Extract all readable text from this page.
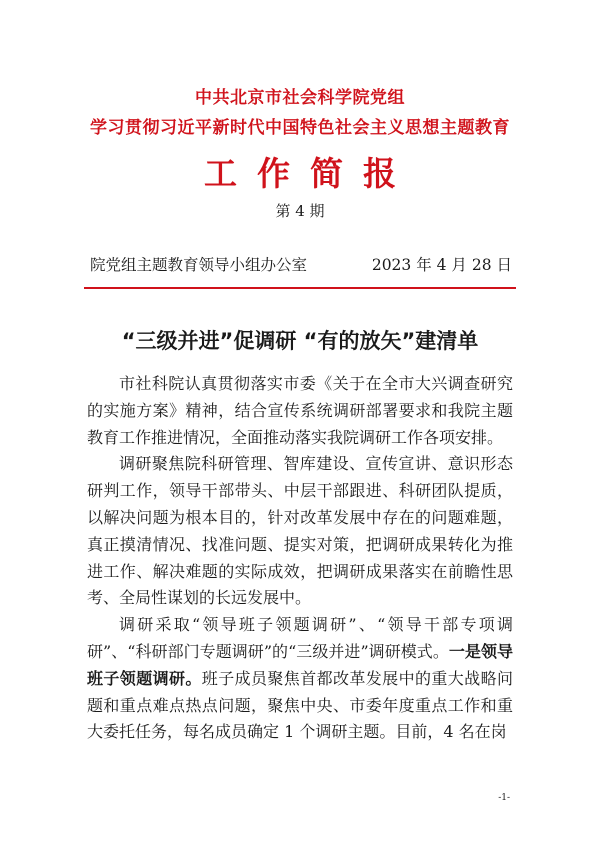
中共北京市社会科学院党组
学习贯彻习近平新时代中国特色社会主义思想主题教育
工作简报
第 4 期
院党组主题教育领导小组办公室	2023 年 4 月 28 日
“三级并进”促调研 “有的放矢”建清单

市社科院认真贯彻落实市委《关于在全市大兴调查研究的实施方案》精神，结合宣传系统调研部署要求和我院主题教育工作推进情况，全面推动落实我院调研工作各项安排。

调研聚焦院科研管理、智库建设、宣传宣讲、意识形态研判工作，领导干部带头、中层干部跟进、科研团队提质，以解决问题为根本目的，针对改革发展中存在的问题难题，真正摸清情况、找准问题、提实对策，把调研成果转化为推进工作、解决难题的实际成效，把调研成果落实在前瞻性思考、全局性谋划的长远发展中。

调研采取“领导班子领题调研”、“领导干部专项调研”、“科研部门专题调研”的“三级并进”调研模式。一是领导班子领题调研。班子成员聚焦首都改革发展中的重大战略问题和重点难点热点问题，聚焦中央、市委年度重点工作和重大委托任务，每名成员确定 1 个调研主题。目前，4 名在岗

-1-
